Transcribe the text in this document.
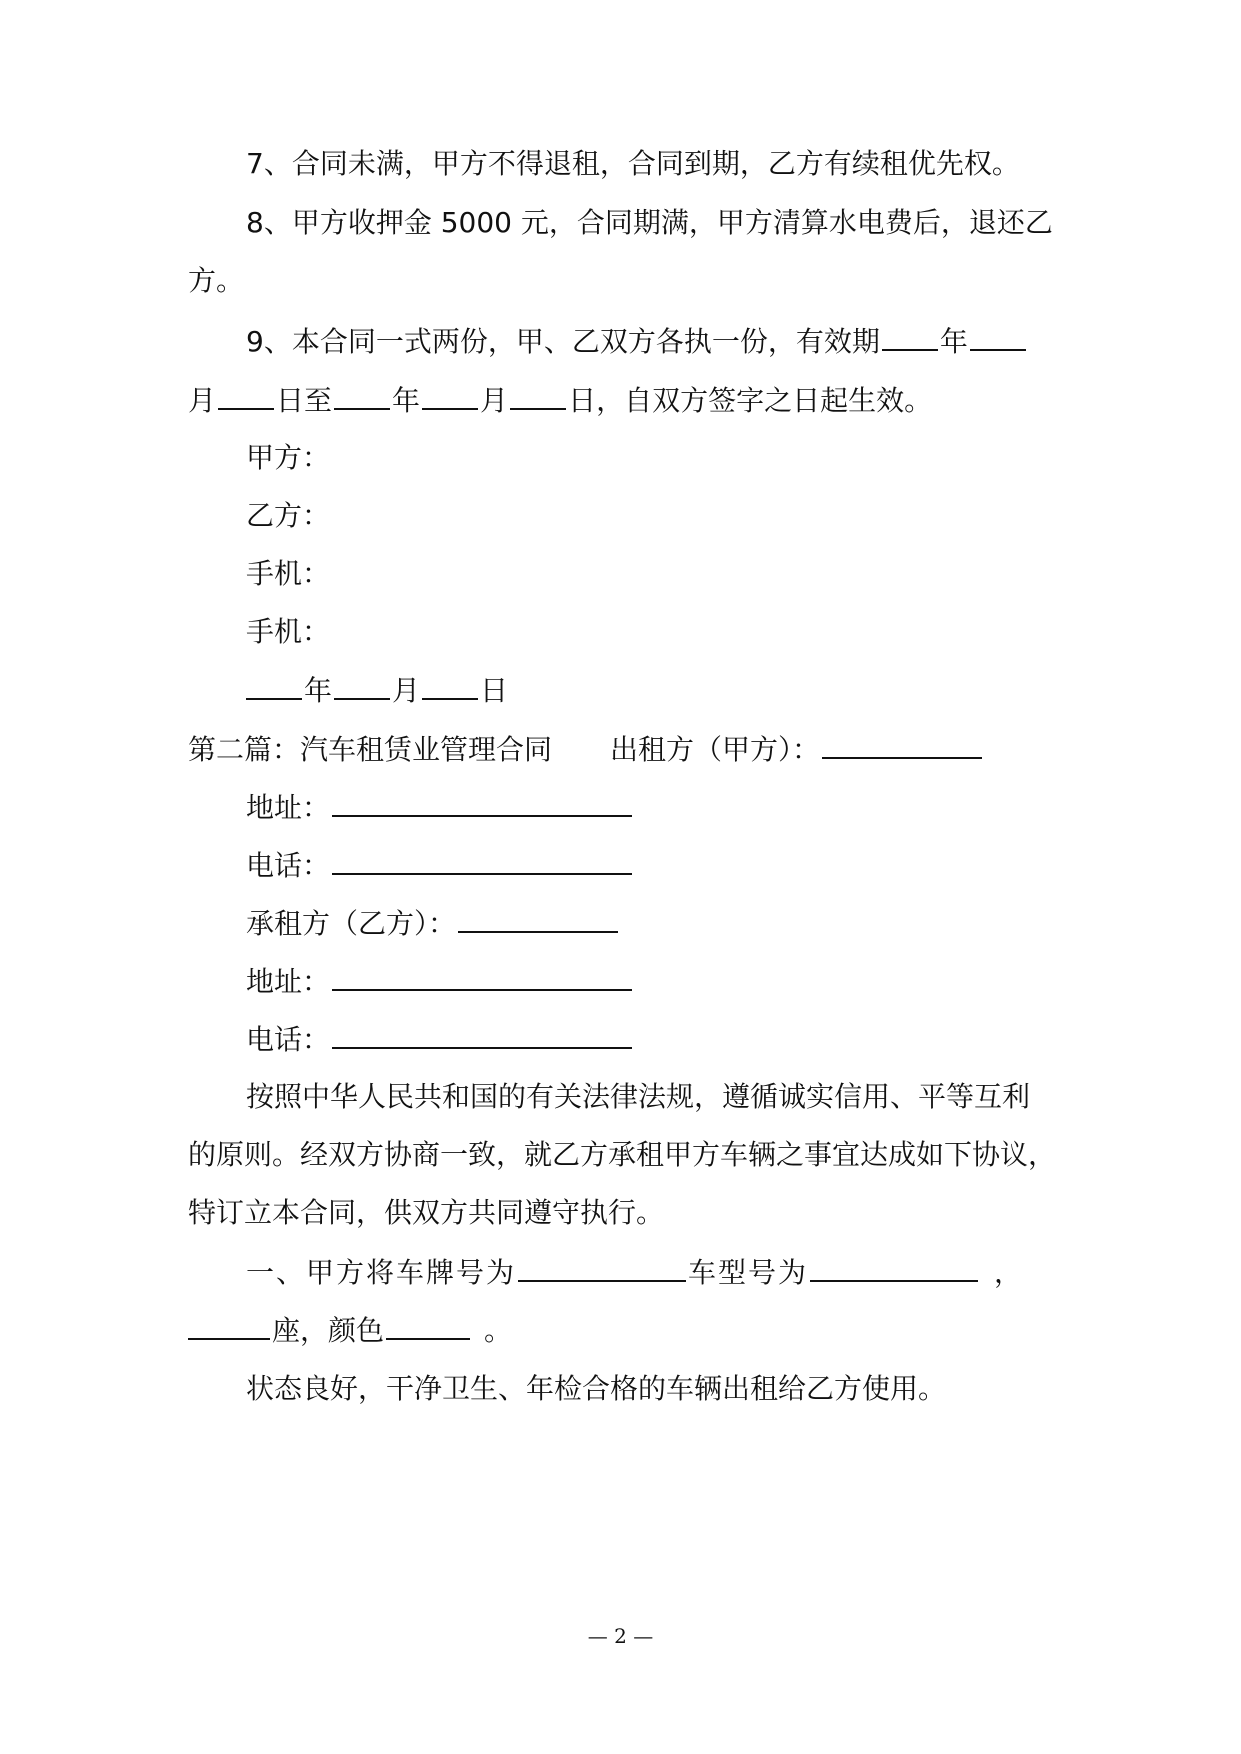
7、合同未满，甲方不得退租，合同到期，乙方有续租优先权。
8、甲方收押金 5000 元，合同期满，甲方清算水电费后，退还乙
方。
9、本合同一式两份，甲、乙双方各执一份，有效期 年
月 日至 年 月 日，自双方签字之日起生效。
甲方：
乙方：
手机：
手机：
年 月 日
第二篇：汽车租赁业管理合同 出租方（甲方）：
地址：
电话：
承租方（乙方）：
地址：
电话：
按照中华人民共和国的有关法律法规，遵循诚实信用、平等互利
的原则。经双方协商一致，就乙方承租甲方车辆之事宜达成如下协议，
特订立本合同，供双方共同遵守执行。
一、甲方将车牌号为	车型号为	，
座，颜色	。
状态良好，干净卫生、年检合格的车辆出租给乙方使用。
— 2 —
